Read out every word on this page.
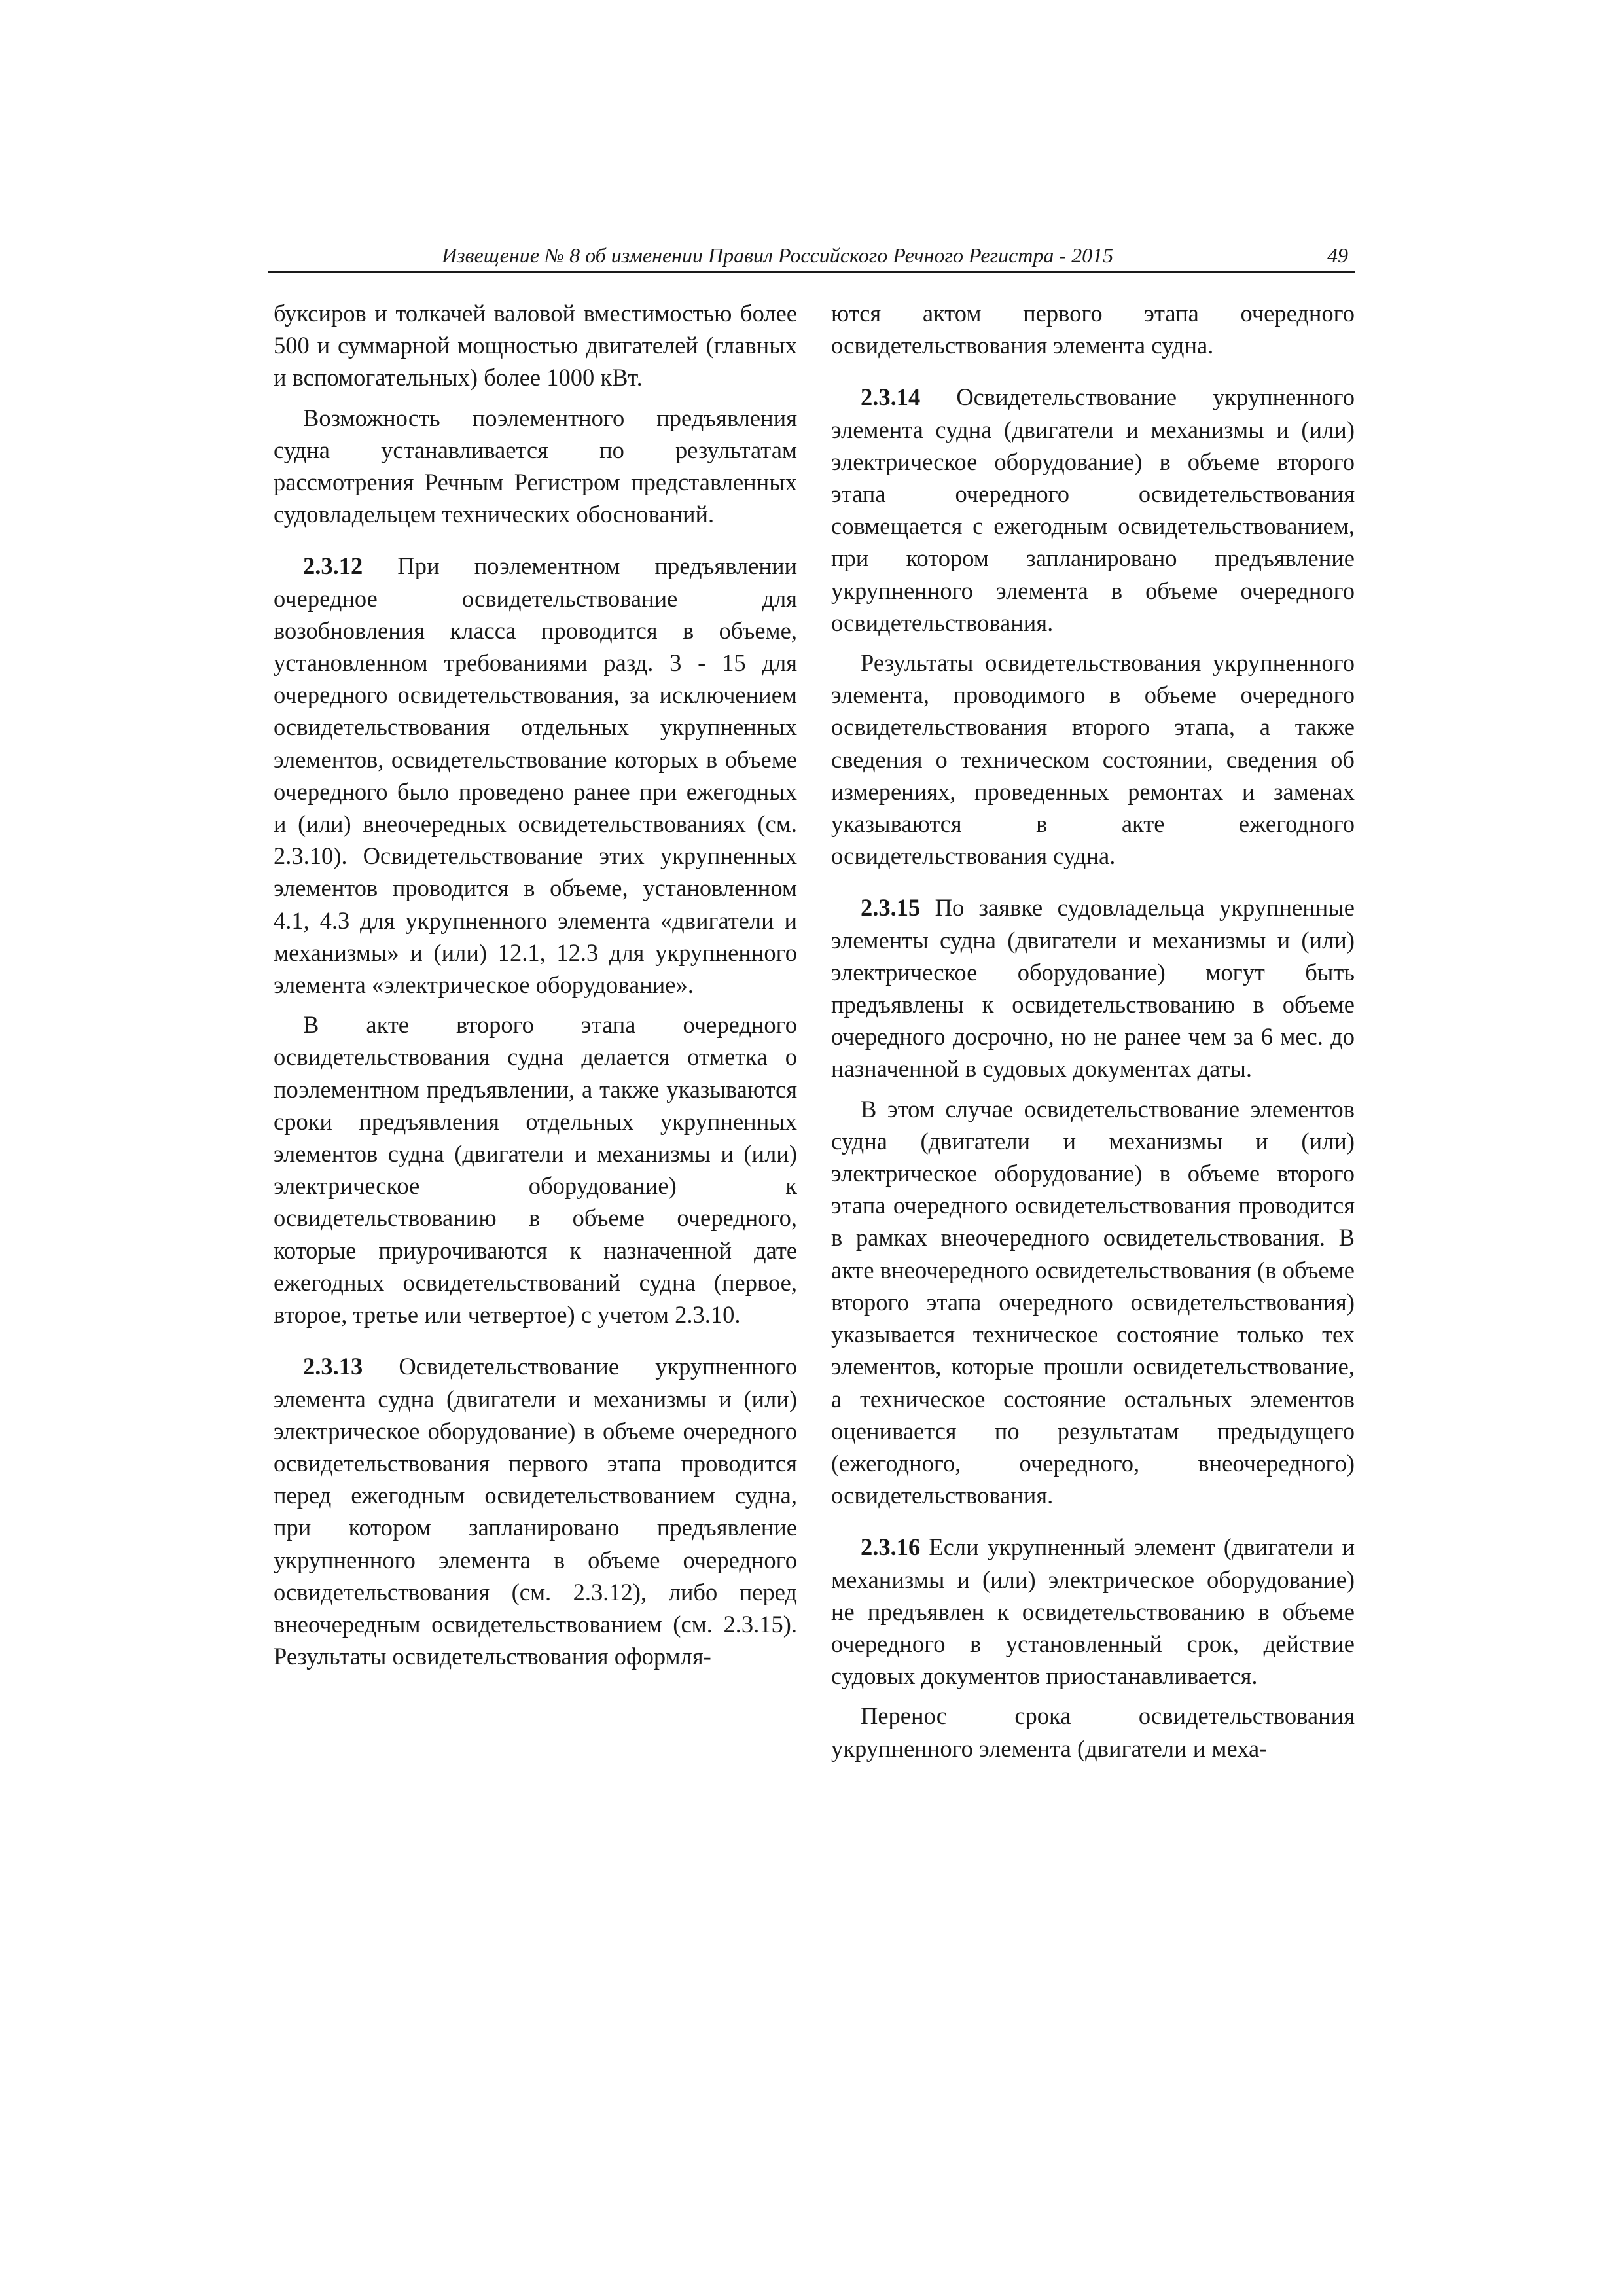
Извещение № 8 об изменении Правил Российского Речного Регистра - 2015	49

буксиров и толкачей валовой вместимостью более 500 и суммарной мощностью двигателей (главных и вспомогательных) более 1000 кВт.

Возможность поэлементного предъявления судна устанавливается по результатам рассмотрения Речным Регистром представленных судовладельцем технических обоснований.

2.3.12 При поэлементном предъявлении очередное освидетельствование для возобновления класса проводится в объеме, установленном требованиями разд. 3 - 15 для очередного освидетельствования, за исключением освидетельствования отдельных укрупненных элементов, освидетельствование которых в объеме очередного было проведено ранее при ежегодных и (или) внеочередных освидетельствованиях (см. 2.3.10). Освидетельствование этих укрупненных элементов проводится в объеме, установленном 4.1, 4.3 для укрупненного элемента «двигатели и механизмы» и (или) 12.1, 12.3 для укрупненного элемента «электрическое оборудование».

В акте второго этапа очередного освидетельствования судна делается отметка о поэлементном предъявлении, а также указываются сроки предъявления отдельных укрупненных элементов судна (двигатели и механизмы и (или) электрическое оборудование) к освидетельствованию в объеме очередного, которые приурочиваются к назначенной дате ежегодных освидетельствований судна (первое, второе, третье или четвертое) с учетом 2.3.10.

2.3.13 Освидетельствование укрупненного элемента судна (двигатели и механизмы и (или) электрическое оборудование) в объеме очередного освидетельствования первого этапа проводится перед ежегодным освидетельствованием судна, при котором запланировано предъявление укрупненного элемента в объеме очередного освидетельствования (см. 2.3.12), либо перед внеочередным освидетельствованием (см. 2.3.15). Результаты освидетельствования оформля-

ются актом первого этапа очередного освидетельствования элемента судна.

2.3.14 Освидетельствование укрупненного элемента судна (двигатели и механизмы и (или) электрическое оборудование) в объеме второго этапа очередного освидетельствования совмещается с ежегодным освидетельствованием, при котором запланировано предъявление укрупненного элемента в объеме очередного освидетельствования.

Результаты освидетельствования укрупненного элемента, проводимого в объеме очередного освидетельствования второго этапа, а также сведения о техническом состоянии, сведения об измерениях, проведенных ремонтах и заменах указываются в акте ежегодного освидетельствования судна.

2.3.15 По заявке судовладельца укрупненные элементы судна (двигатели и механизмы и (или) электрическое оборудование) могут быть предъявлены к освидетельствованию в объеме очередного досрочно, но не ранее чем за 6 мес. до назначенной в судовых документах даты.

В этом случае освидетельствование элементов судна (двигатели и механизмы и (или) электрическое оборудование) в объеме второго этапа очередного освидетельствования проводится в рамках внеочередного освидетельствования. В акте внеочередного освидетельствования (в объеме второго этапа очередного освидетельствования) указывается техническое состояние только тех элементов, которые прошли освидетельствование, а техническое состояние остальных элементов оценивается по результатам предыдущего (ежегодного, очередного, внеочередного) освидетельствования.

2.3.16 Если укрупненный элемент (двигатели и механизмы и (или) электрическое оборудование) не предъявлен к освидетельствованию в объеме очередного в установленный срок, действие судовых документов приостанавливается.

Перенос срока освидетельствования укрупненного элемента (двигатели и меха-
